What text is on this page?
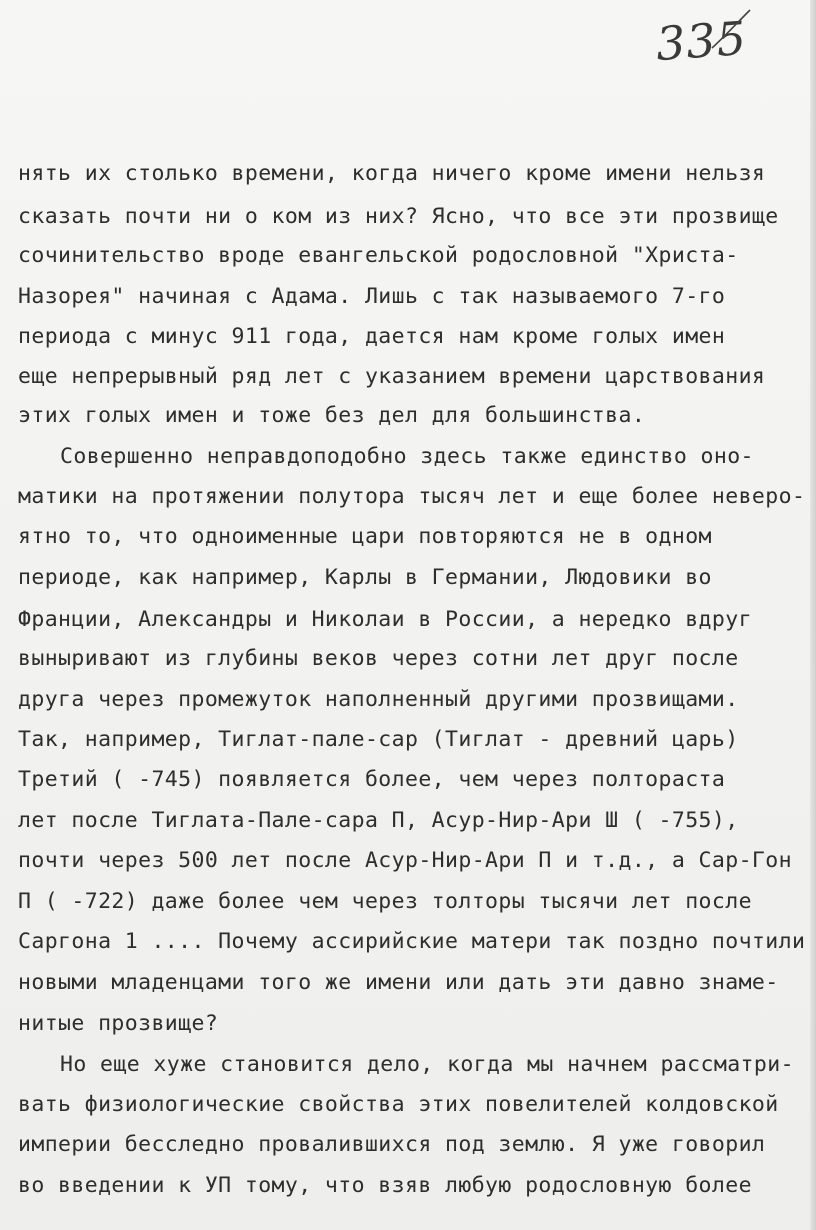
335
нять их столько времени, когда ничего кроме имени нельзя
сказать почти ни о ком из них? Ясно, что все эти прозвище
сочинительство вроде евангельской родословной "Христа-
Назорея" начиная с Адама. Лишь с так называемого 7-го
периода с минус 911 года, дается нам кроме голых имен
еще непрерывный ряд лет с указанием времени царствования
этих голых имен и тоже без дел для большинства.
Совершенно неправдоподобно здесь также единство оно-
матики на протяжении полутора тысяч лет и еще более неверо-
ятно то, что одноименные цари повторяются не в одном
периоде, как например, Карлы в Германии, Людовики во
Франции, Александры и Николаи в России, а нередко вдруг
выныривают из глубины веков через сотни лет друг после
друга через промежуток наполненный другими прозвищами.
Так, например, Тиглат-пале-сар (Тиглат - древний царь)
Третий ( -745) появляется более, чем через полтораста
лет после Тиглата-Пале-сара П, Асур-Нир-Ари Ш ( -755),
почти через 500 лет после Асур-Нир-Ари П и т.д., а Сар-Гон
П ( -722) даже более чем через толторы тысячи лет после
Саргона 1 .... Почему ассирийские матери так поздно почтили
новыми младенцами того же имени или дать эти давно знаме-
нитые прозвище?
Но еще хуже становится дело, когда мы начнем рассматри-
вать физиологические свойства этих повелителей колдовской
империи бесследно провалившихся под землю. Я уже говорил
во введении к УП тому, что взяв любую родословную более
